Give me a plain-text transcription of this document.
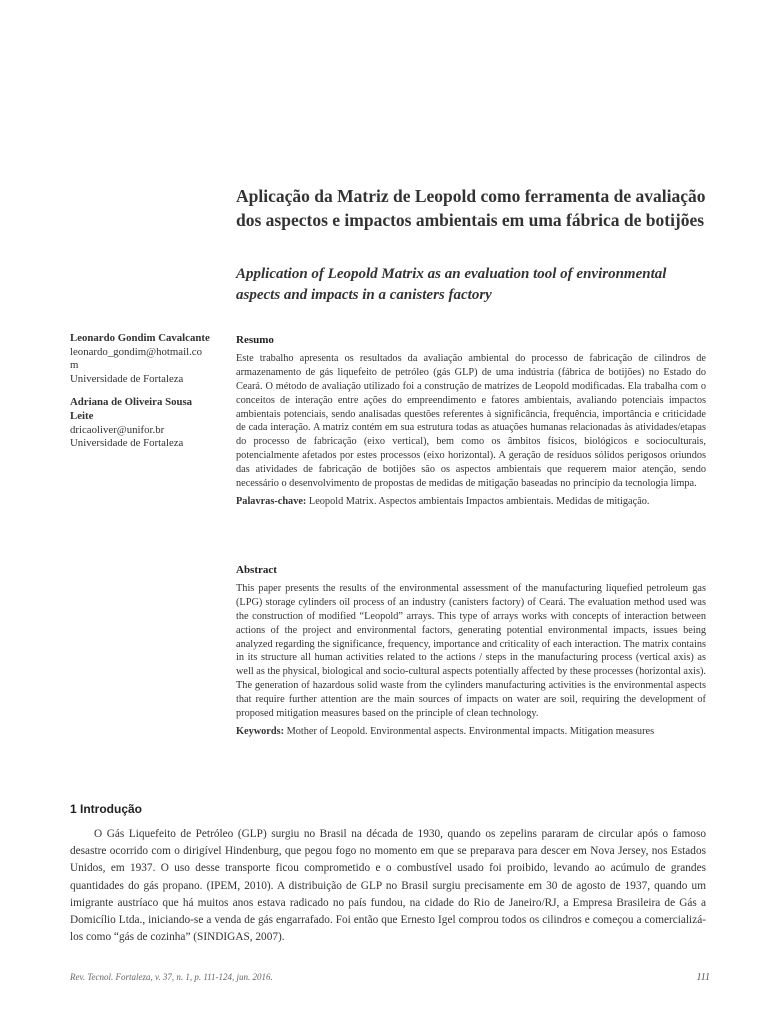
Aplicação da Matriz de Leopold como ferramenta de avaliação dos aspectos e impactos ambientais em uma fábrica de botijões
Application of Leopold Matrix as an evaluation tool of environmental aspects and impacts in a canisters factory
Leonardo Gondim Cavalcante
leonardo_gondim@hotmail.com
Universidade de Fortaleza
Adriana de Oliveira Sousa Leite
dricaoliver@unifor.br
Universidade de Fortaleza
Resumo

Este trabalho apresenta os resultados da avaliação ambiental do processo de fabricação de cilindros de armazenamento de gás liquefeito de petróleo (gás GLP) de uma indústria (fábrica de botijões) no Estado do Ceará. O método de avaliação utilizado foi a construção de matrizes de Leopold modificadas. Ela trabalha com o conceitos de interação entre ações do empreendimento e fatores ambientais, avaliando potenciais impactos ambientais potenciais, sendo analisadas questões referentes à significância, frequência, importância e criticidade de cada interação. A matriz contém em sua estrutura todas as atuações humanas relacionadas às atividades/etapas do processo de fabricação (eixo vertical), bem como os âmbitos físicos, biológicos e socioculturais, potencialmente afetados por estes processos (eixo horizontal). A geração de resíduos sólidos perigosos oriundos das atividades de fabricação de botijões são os aspectos ambientais que requerem maior atenção, sendo necessário o desenvolvimento de propostas de medidas de mitigação baseadas no princípio da tecnologia limpa.

Palavras-chave: Leopold Matrix. Aspectos ambientais Impactos ambientais. Medidas de mitigação.
Abstract

This paper presents the results of the environmental assessment of the manufacturing liquefied petroleum gas (LPG) storage cylinders oil process of an industry (canisters factory) of Ceará. The evaluation method used was the construction of modified “Leopold” arrays. This type of arrays works with concepts of interaction between actions of the project and environmental factors, generating potential environmental impacts, issues being analyzed regarding the significance, frequency, importance and criticality of each interaction. The matrix contains in its structure all human activities related to the actions / steps in the manufacturing process (vertical axis) as well as the physical, biological and socio-cultural aspects potentially affected by these processes (horizontal axis). The generation of hazardous solid waste from the cylinders manufacturing activities is the environmental aspects that require further attention are the main sources of impacts on water are soil, requiring the development of proposed mitigation measures based on the principle of clean technology.

Keywords: Mother of Leopold. Environmental aspects. Environmental impacts. Mitigation measures
1 Introdução

O Gás Liquefeito de Petróleo (GLP) surgiu no Brasil na década de 1930, quando os zepelins pararam de circular após o famoso desastre ocorrido com o dirigível Hindenburg, que pegou fogo no momento em que se preparava para descer em Nova Jersey, nos Estados Unidos, em 1937. O uso desse transporte ficou comprometido e o combustível usado foi proibido, levando ao acúmulo de grandes quantidades do gás propano. (IPEM, 2010). A distribuição de GLP no Brasil surgiu precisamente em 30 de agosto de 1937, quando um imigrante austríaco que há muitos anos estava radicado no país fundou, na cidade do Rio de Janeiro/RJ, a Empresa Brasileira de Gás a Domicílio Ltda., iniciando-se a venda de gás engarrafado. Foi então que Ernesto Igel comprou todos os cilindros e começou a comercializá-los como “gás de cozinha” (SINDIGAS, 2007).

Rev. Tecnol. Fortaleza, v. 37, n. 1, p. 111-124, jun. 2016.	111
